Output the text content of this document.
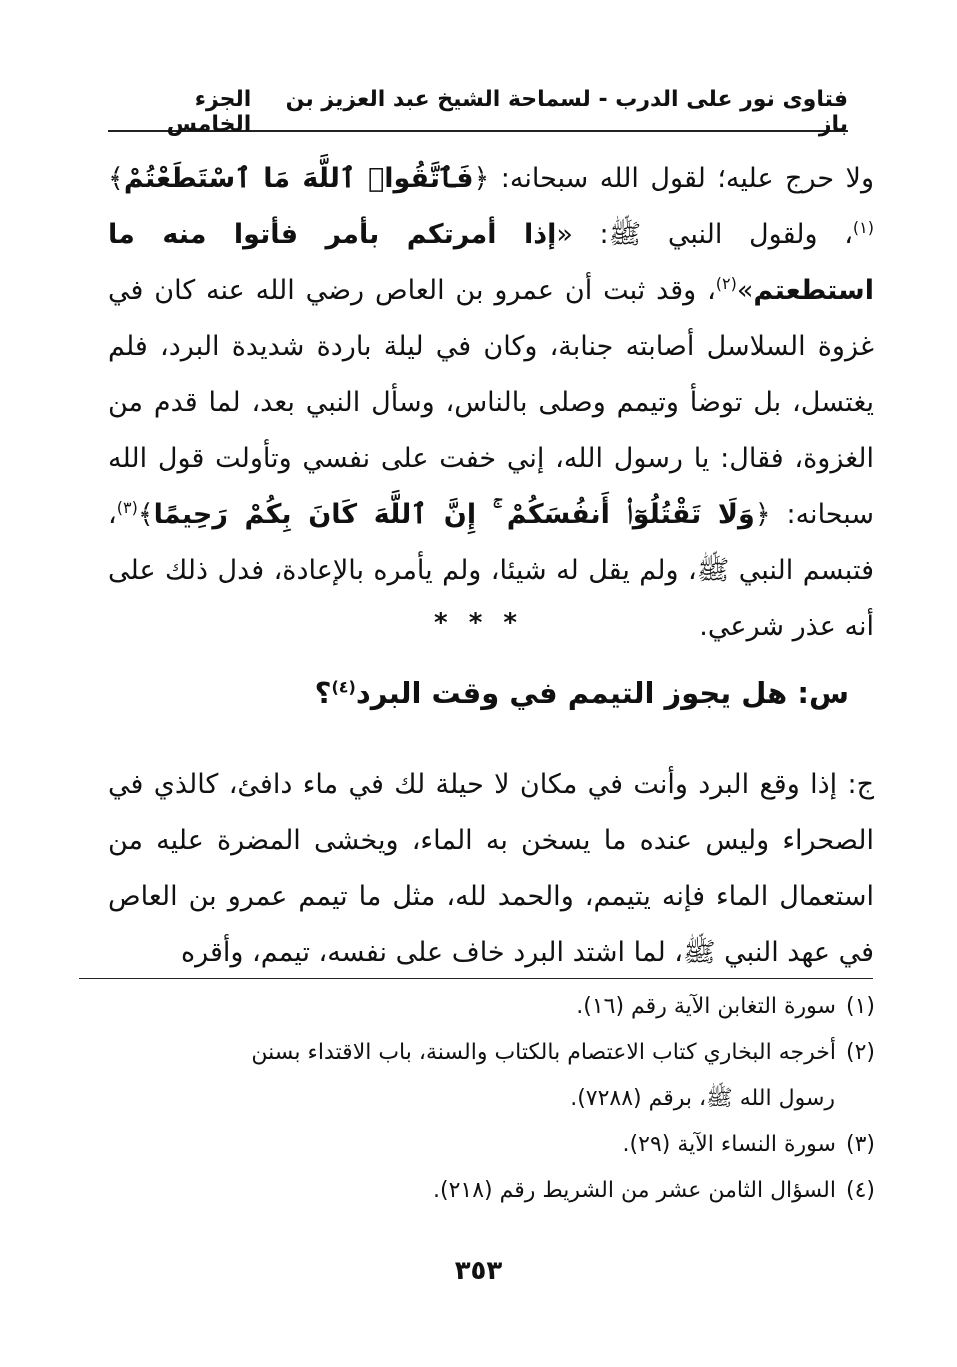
فتاوى نور على الدرب - لسماحة الشيخ عبد العزيز بن باز
الجزء الخامس

ولا حرج عليه؛ لقول الله سبحانه: ﴿فَٱتَّقُوا۟ ٱللَّهَ مَا ٱسْتَطَعْتُمْ﴾$^{(١)}$، ولقول النبي ﷺ: «إذا أمرتكم بأمر فأتوا منه ما استطعتم»$^{(٢)}$، وقد ثبت أن عمرو بن العاص رضي الله عنه كان في غزوة السلاسل أصابته جنابة، وكان في ليلة باردة شديدة البرد، فلم يغتسل، بل توضأ وتيمم وصلى بالناس، وسأل النبي بعد، لما قدم من الغزوة، فقال: يا رسول الله، إني خفت على نفسي وتأولت قول الله سبحانه: ﴿وَلَا تَقْتُلُوٓا۟ أَنفُسَكُمْ ۚ إِنَّ ٱللَّهَ كَانَ بِكُمْ رَحِيمًا﴾$^{(٣)}$، فتبسم النبي ﷺ، ولم يقل له شيئا، ولم يأمره بالإعادة، فدل ذلك على أنه عذر شرعي.

* * *

س: هل يجوز التيمم في وقت البرد$^{(٤)}$؟

ج: إذا وقع البرد وأنت في مكان لا حيلة لك في ماء دافئ، كالذي في الصحراء وليس عنده ما يسخن به الماء، ويخشى المضرة عليه من استعمال الماء فإنه يتيمم، والحمد لله، مثل ما تيمم عمرو بن العاص في عهد النبي ﷺ، لما اشتد البرد خاف على نفسه، تيمم، وأقره

(١)سورة التغابن الآية رقم (١٦).
(٢)أخرجه البخاري كتاب الاعتصام بالكتاب والسنة، باب الاقتداء بسنن
رسول الله ﷺ، برقم (٧٢٨٨).
(٣)سورة النساء الآية (٢٩).
(٤)السؤال الثامن عشر من الشريط رقم (٢١٨).
٣٥٣
